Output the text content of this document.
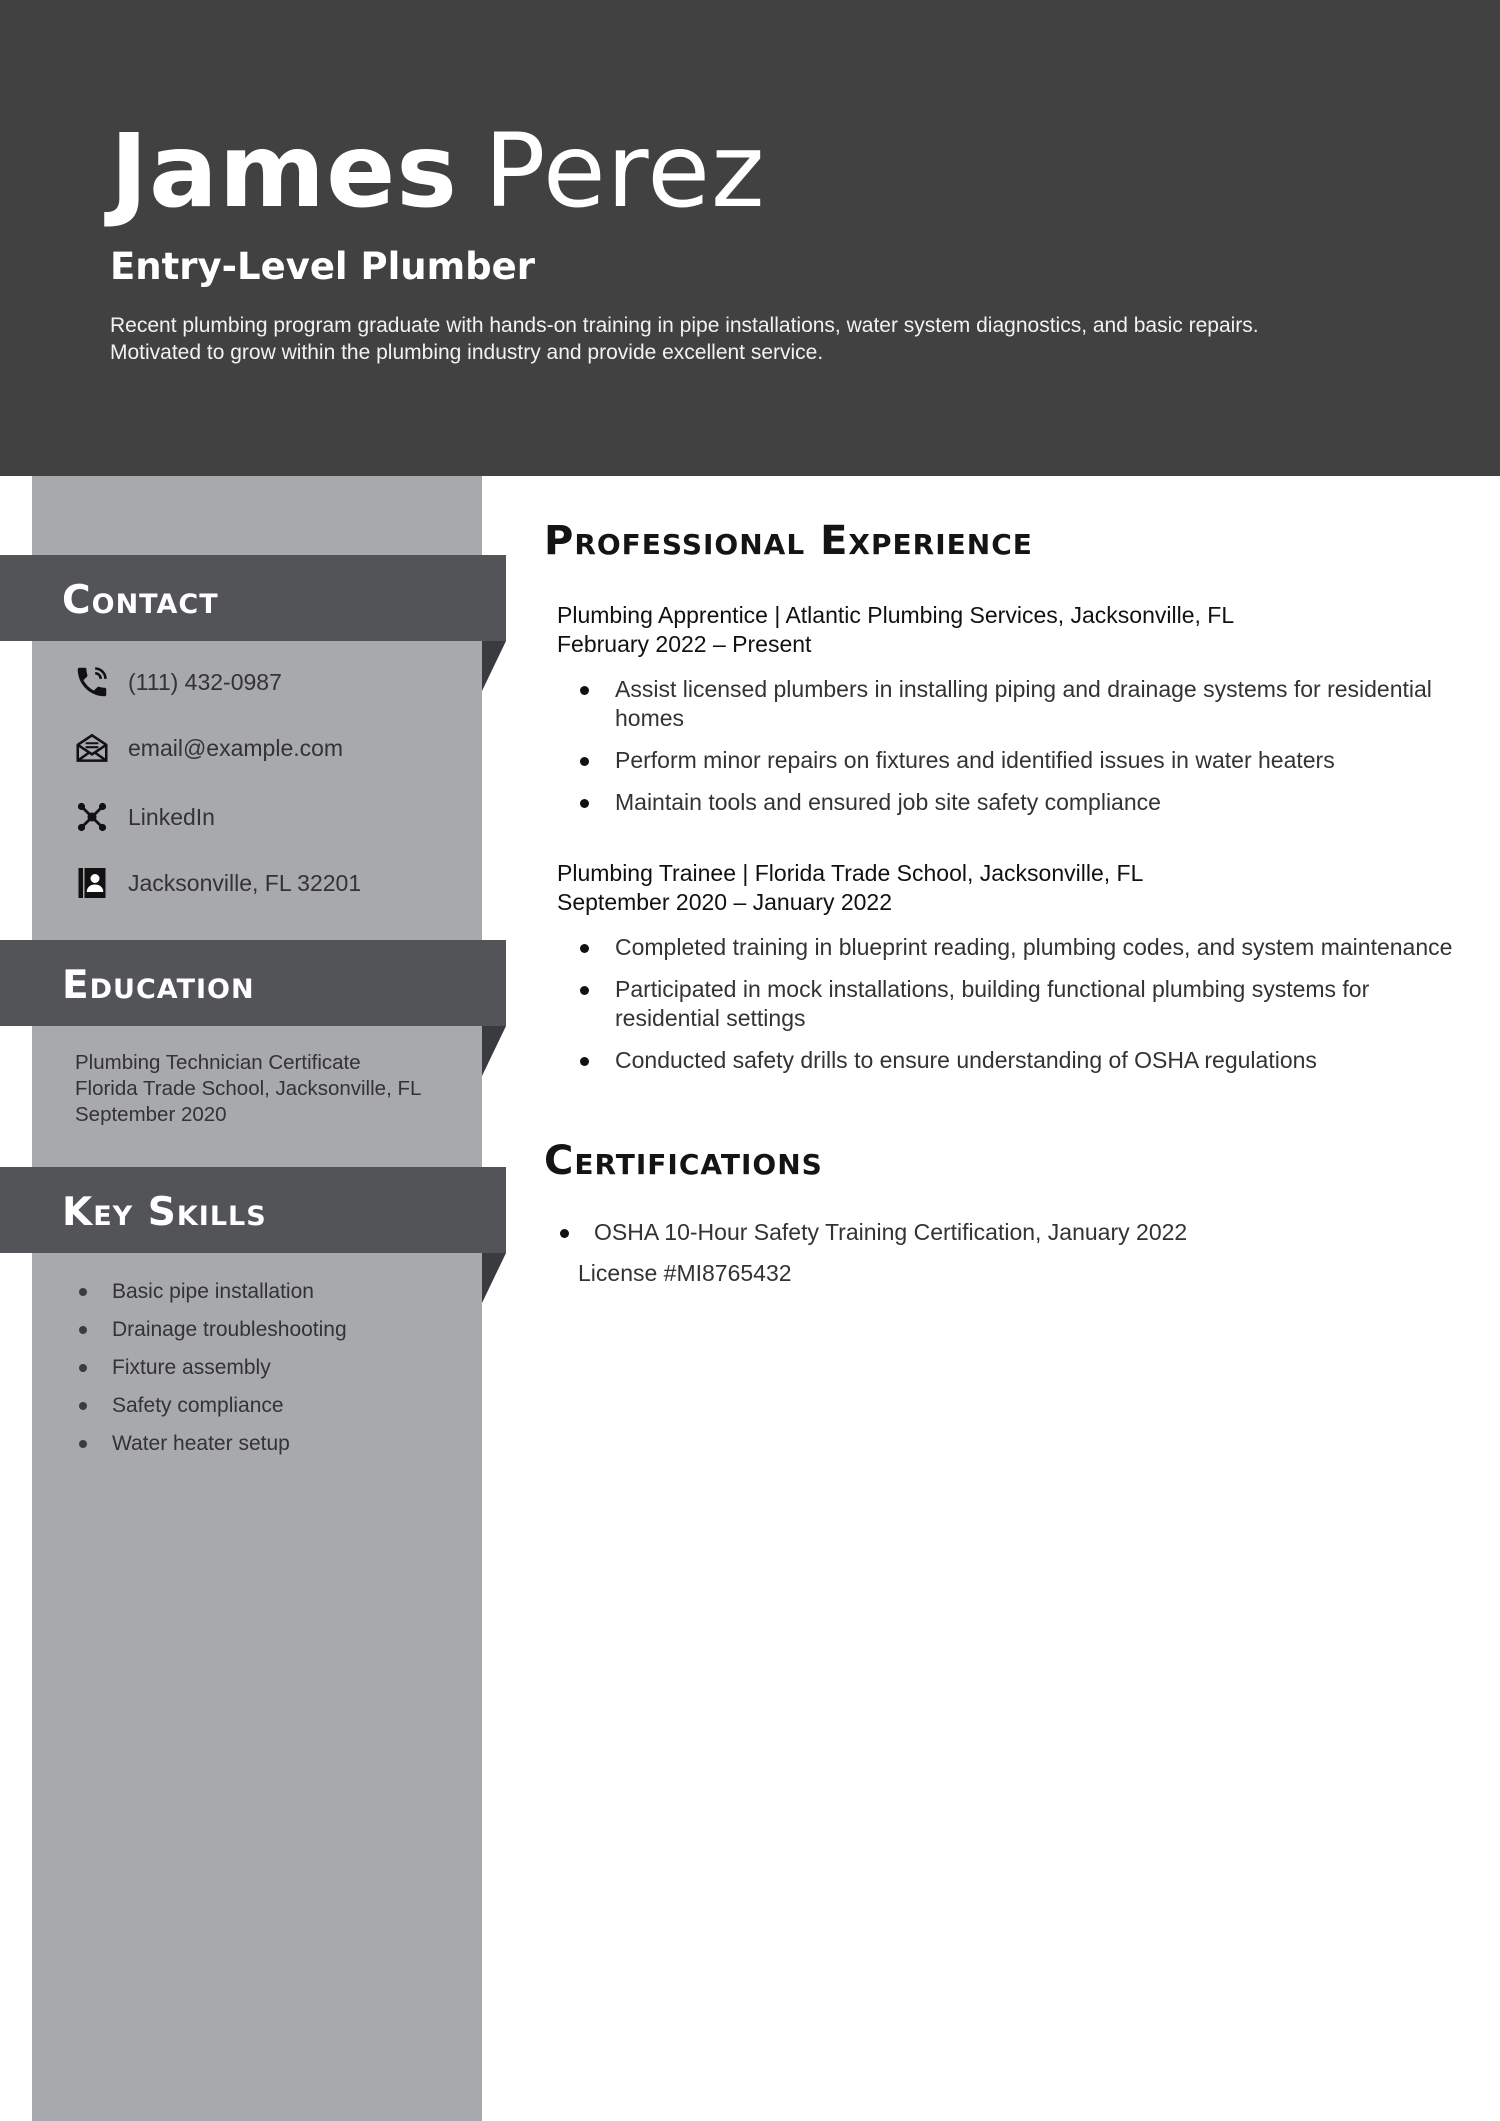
James Perez
Entry-Level Plumber

Recent plumbing program graduate with hands-on training in pipe installations, water system diagnostics, and basic repairs.
Motivated to grow within the plumbing industry and provide excellent service.

Contact
(111) 432-0987
email@example.com
LinkedIn
Jacksonville, FL 32201
Education

Plumbing Technician Certificate
Florida Trade School, Jacksonville, FL
September 2020

Key Skills
Basic pipe installation
Drainage troubleshooting
Fixture assembly
Safety compliance
Water heater setup
Professional Experience

Plumbing Apprentice | Atlantic Plumbing Services, Jacksonville, FL

February 2022 – Present

Assist licensed plumbers in installing piping and drainage systems for residential homes
Perform minor repairs on fixtures and identified issues in water heaters
Maintain tools and ensured job site safety compliance

Plumbing Trainee | Florida Trade School, Jacksonville, FL

September 2020 – January 2022

Completed training in blueprint reading, plumbing codes, and system maintenance
Participated in mock installations, building functional plumbing systems for residential settings
Conducted safety drills to ensure understanding of OSHA regulations
Certifications
OSHA 10-Hour Safety Training Certification, January 2022

License #MI8765432
